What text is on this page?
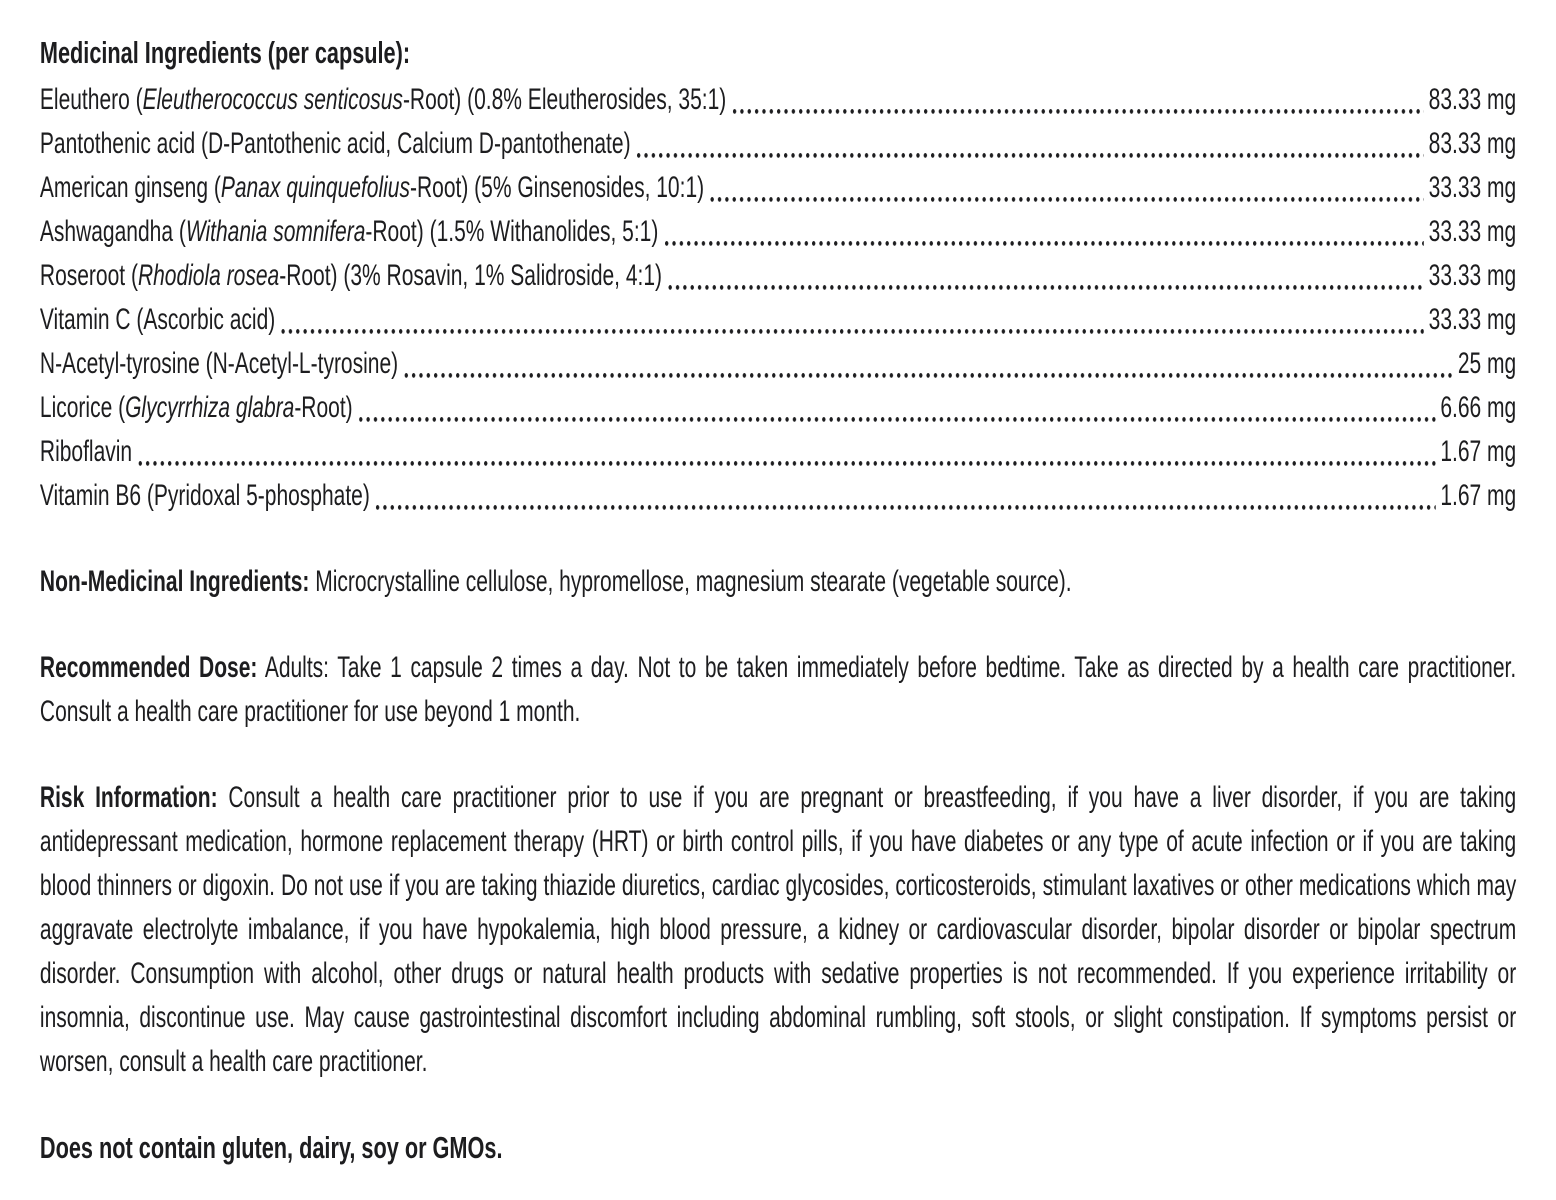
Medicinal Ingredients (per capsule):
Eleuthero (Eleutherococcus senticosus-Root) (0.8% Eleutherosides, 35:1)	83.33 mg
Pantothenic acid (D-Pantothenic acid, Calcium D-pantothenate)	83.33 mg
American ginseng (Panax quinquefolius-Root) (5% Ginsenosides, 10:1)	33.33 mg
Ashwagandha (Withania somnifera-Root) (1.5% Withanolides, 5:1)	33.33 mg
Roseroot (Rhodiola rosea-Root) (3% Rosavin, 1% Salidroside, 4:1)	33.33 mg
Vitamin C (Ascorbic acid)	33.33 mg
N-Acetyl-tyrosine (N-Acetyl-L-tyrosine)	25 mg
Licorice (Glycyrrhiza glabra-Root)	6.66 mg
Riboflavin	1.67 mg
Vitamin B6 (Pyridoxal 5-phosphate)	1.67 mg

Non-Medicinal Ingredients: Microcrystalline cellulose, hypromellose, magnesium stearate (vegetable source).

Recommended Dose: Adults: Take 1 capsule 2 times a day. Not to be taken immediately before bedtime. Take as directed by a health care practitioner. Consult a health care practitioner for use beyond 1 month.

Risk Information: Consult a health care practitioner prior to use if you are pregnant or breastfeeding, if you have a liver disorder, if you are taking antidepressant medication, hormone replacement therapy (HRT) or birth control pills, if you have diabetes or any type of acute infection or if you are taking blood thinners or digoxin. Do not use if you are taking thiazide diuretics, cardiac glycosides, corticosteroids, stimulant laxatives or other medications which may aggravate electrolyte imbalance, if you have hypokalemia, high blood pressure, a kidney or cardiovascular disorder, bipolar disorder or bipolar spectrum disorder. Consumption with alcohol, other drugs or natural health products with sedative properties is not recommended. If you experience irritability or insomnia, discontinue use. May cause gastrointestinal discomfort including abdominal rumbling, soft stools, or slight constipation. If symptoms persist or worsen, consult a health care practitioner.

Does not contain gluten, dairy, soy or GMOs.
